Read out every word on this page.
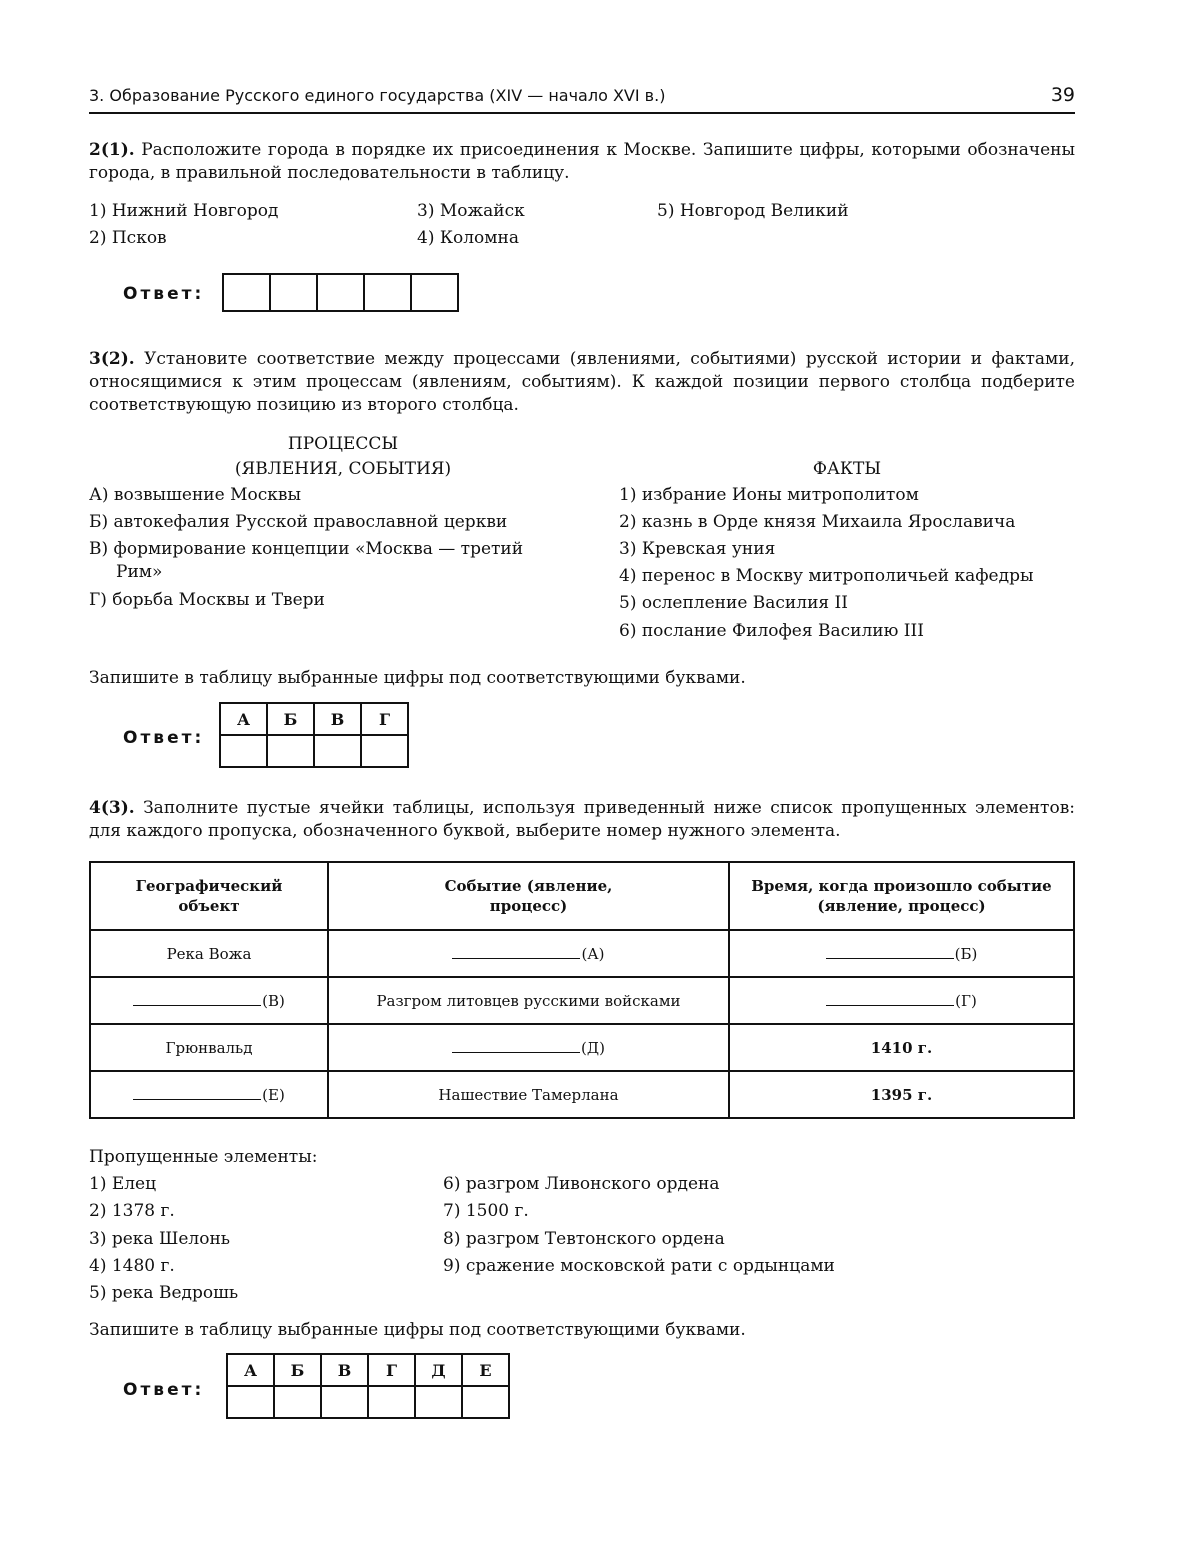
3. Образование Русского единого государства (XIV — начало XVI в.)	39
2(1). Расположите города в порядке их присоединения к Москве. Запишите цифры, которыми обозначены города, в правильной последовательности в таблицу.
1) Нижний Новгород
2) Псков
3) Можайск
4) Коломна
5) Новгород Великий
Ответ:

3(2). Установите соответствие между процессами (явлениями, событиями) русской истории и фактами, относящимися к этим процессам (явлениям, событиям). К каждой позиции первого столбца подберите соответствующую позицию из второго столбца.
ПРОЦЕССЫ
(ЯВЛЕНИЯ, СОБЫТИЯ)	ФАКТЫ
А) возвышение Москвы
Б) автокефалия Русской православной церкви
В) формирование концепции «Москва — третий Рим»
Г) борьба Москвы и Твери
1) избрание Ионы митрополитом
2) казнь в Орде князя Михаила Ярославича
3) Кревская уния
4) перенос в Москву митрополичьей кафедры
5) ослепление Василия II
6) послание Филофея Василию III
Запишите в таблицу выбранные цифры под соответствующими буквами.
Ответ:
А	Б	В	Г

4(3). Заполните пустые ячейки таблицы, используя приведенный ниже список пропущенных элементов: для каждого пропуска, обозначенного буквой, выберите номер нужного элемента.
Географический объект	Событие (явление, процесс)	Время, когда произошло событие (явление, процесс)
Река Вожа	(А)	(Б)
(В)	Разгром литовцев русскими войсками	(Г)
Грюнвальд	(Д)	1410 г.
(Е)	Нашествие Тамерлана	1395 г.
Пропущенные элементы:
1) Елец
2) 1378 г.
3) река Шелонь
4) 1480 г.
5) река Ведрошь
6) разгром Ливонского ордена
7) 1500 г.
8) разгром Тевтонского ордена
9) сражение московской рати с ордынцами
Запишите в таблицу выбранные цифры под соответствующими буквами.
Ответ:
А	Б	В	Г	Д	Е
